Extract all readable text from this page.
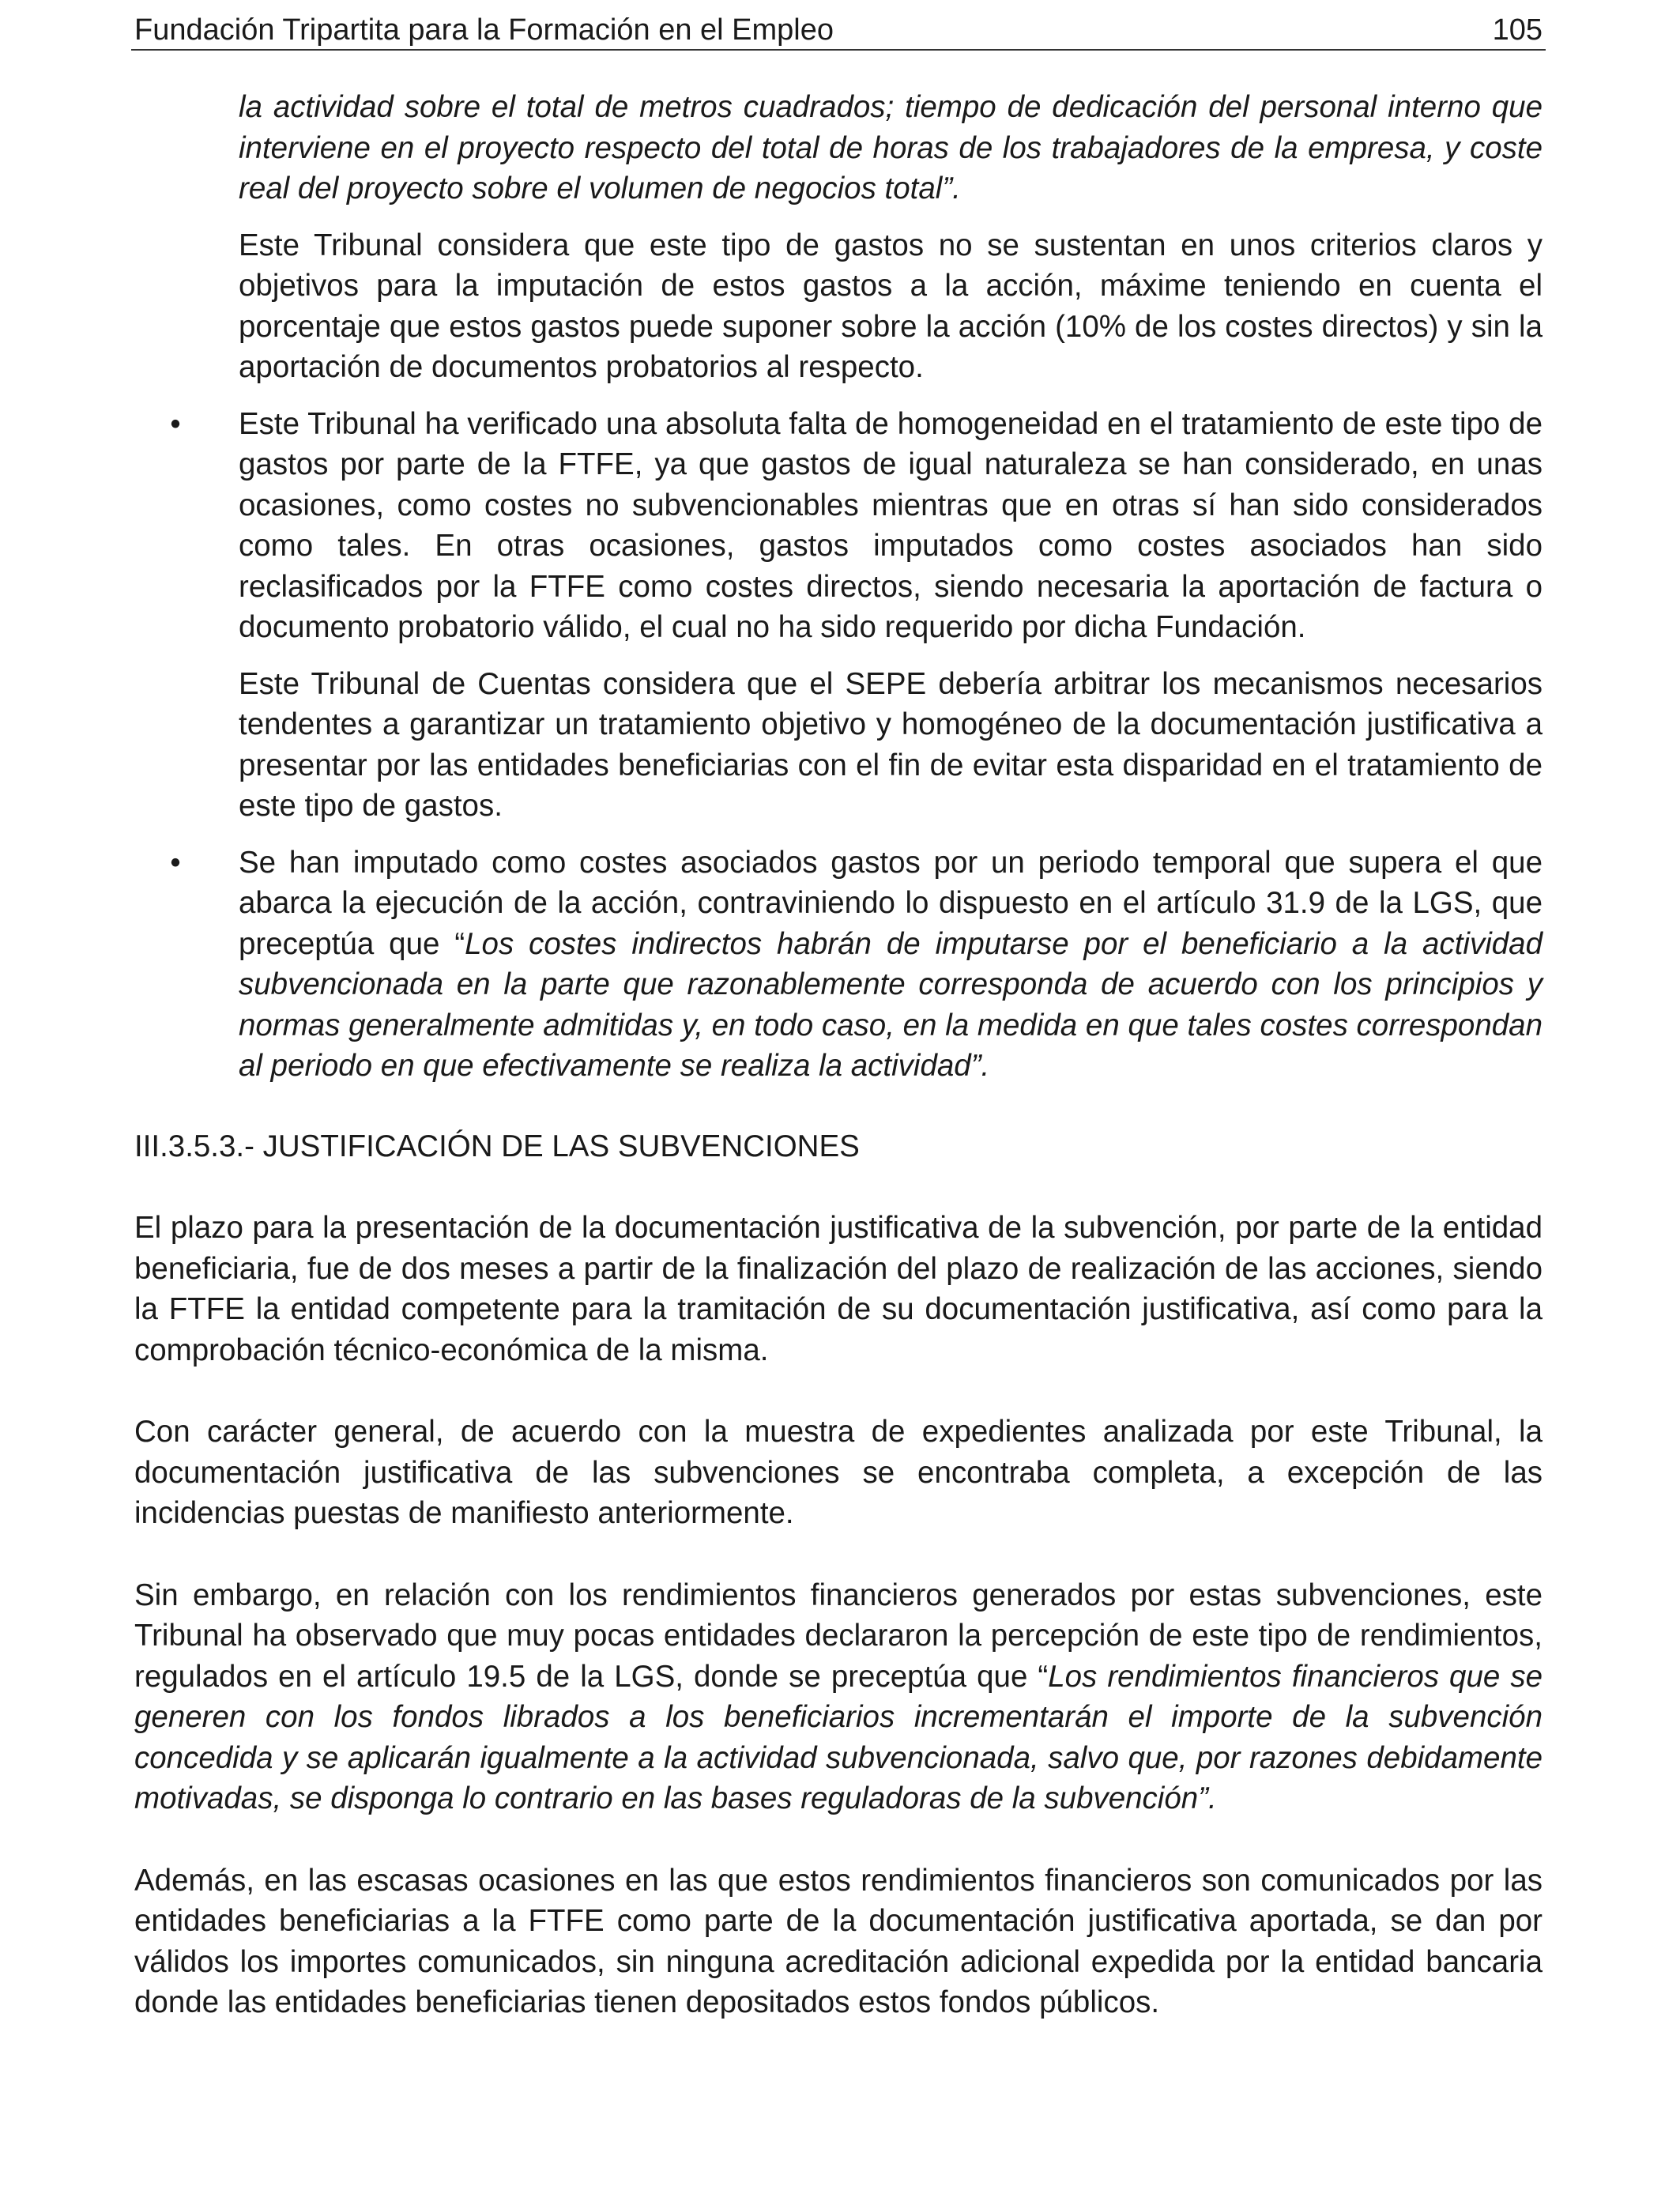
Fundación Tripartita para la Formación en el Empleo	105

la actividad sobre el total de metros cuadrados; tiempo de dedicación del personal interno que interviene en el proyecto respecto del total de horas de los trabajadores de la empresa, y coste real del proyecto sobre el volumen de negocios total”.

Este Tribunal considera que este tipo de gastos no se sustentan en unos criterios claros y objetivos para la imputación de estos gastos a la acción, máxime teniendo en cuenta el porcentaje que estos gastos puede suponer sobre la acción (10% de los costes directos) y sin la aportación de documentos probatorios al respecto.

•	Este Tribunal ha verificado una absoluta falta de homogeneidad en el tratamiento de este tipo de gastos por parte de la FTFE, ya que gastos de igual naturaleza se han considerado, en unas ocasiones, como costes no subvencionables mientras que en otras sí han sido considerados como tales. En otras ocasiones, gastos imputados como costes asociados han sido reclasificados por la FTFE como costes directos, siendo necesaria la aportación de factura o documento probatorio válido, el cual no ha sido requerido por dicha Fundación.

Este Tribunal de Cuentas considera que el SEPE debería arbitrar los mecanismos necesarios tendentes a garantizar un tratamiento objetivo y homogéneo de la documentación justificativa a presentar por las entidades beneficiarias con el fin de evitar esta disparidad en el tratamiento de este tipo de gastos.

•	Se han imputado como costes asociados gastos por un periodo temporal que supera el que abarca la ejecución de la acción, contraviniendo lo dispuesto en el artículo 31.9 de la LGS, que preceptúa que “Los costes indirectos habrán de imputarse por el beneficiario a la actividad subvencionada en la parte que razonablemente corresponda de acuerdo con los principios y normas generalmente admitidas y, en todo caso, en la medida en que tales costes correspondan al periodo en que efectivamente se realiza la actividad”.

III.3.5.3.- JUSTIFICACIÓN DE LAS SUBVENCIONES

El plazo para la presentación de la documentación justificativa de la subvención, por parte de la entidad beneficiaria, fue de dos meses a partir de la finalización del plazo de realización de las acciones, siendo la FTFE la entidad competente para la tramitación de su documentación justificativa, así como para la comprobación técnico-económica de la misma.

Con carácter general, de acuerdo con la muestra de expedientes analizada por este Tribunal, la documentación justificativa de las subvenciones se encontraba completa, a excepción de las incidencias puestas de manifiesto anteriormente.

Sin embargo, en relación con los rendimientos financieros generados por estas subvenciones, este Tribunal ha observado que muy pocas entidades declararon la percepción de este tipo de rendimientos, regulados en el artículo 19.5 de la LGS, donde se preceptúa que “Los rendimientos financieros que se generen con los fondos librados a los beneficiarios incrementarán el importe de la subvención concedida y se aplicarán igualmente a la actividad subvencionada, salvo que, por razones debidamente motivadas, se disponga lo contrario en las bases reguladoras de la subvención”.

Además, en las escasas ocasiones en las que estos rendimientos financieros son comunicados por las entidades beneficiarias a la FTFE como parte de la documentación justificativa aportada, se dan por válidos los importes comunicados, sin ninguna acreditación adicional expedida por la entidad bancaria donde las entidades beneficiarias tienen depositados estos fondos públicos.
